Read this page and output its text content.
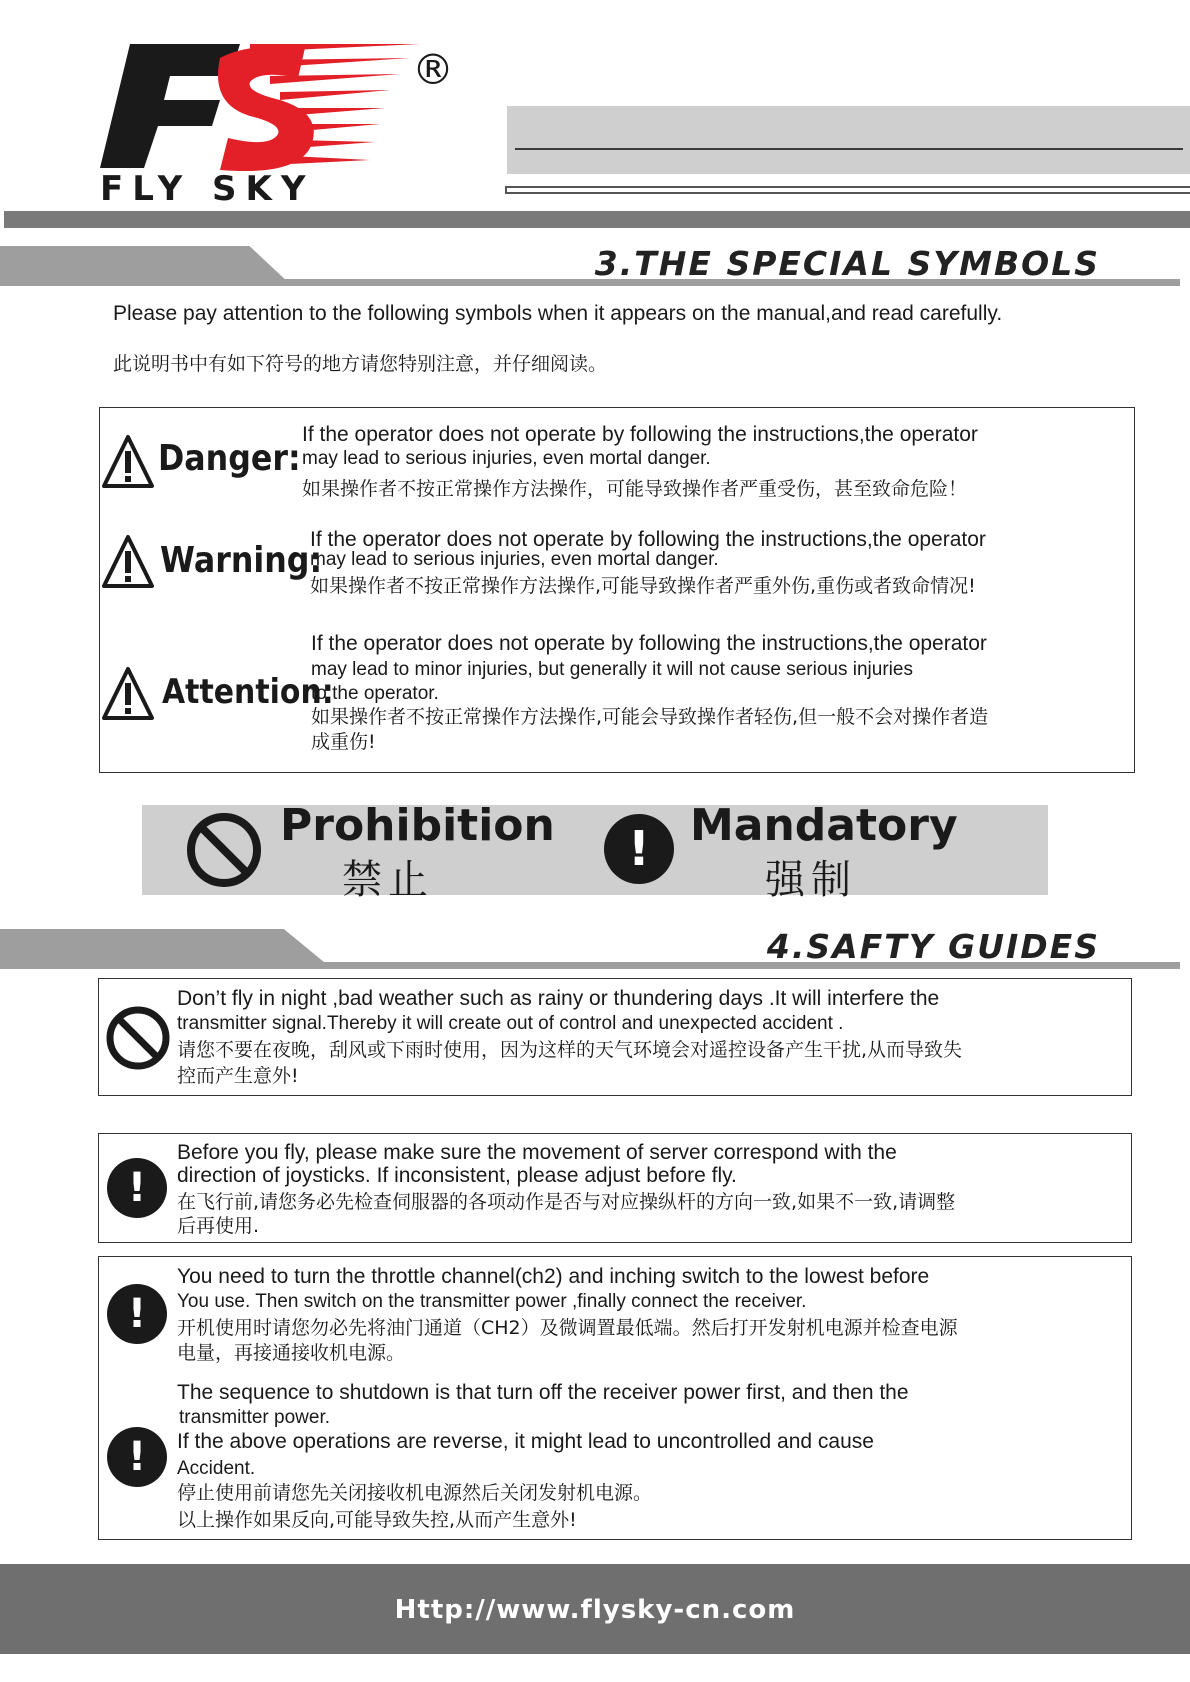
FLY SKY
®
3.THE SPECIAL SYMBOLS
Please pay attention to the following symbols when it appears on the manual,and read carefully.
此说明书中有如下符号的地方请您特别注意，并仔细阅读。
Danger:
If the operator does not operate by following the instructions,the operator
may lead to serious injuries, even mortal danger.
如果操作者不按正常操作方法操作，可能导致操作者严重受伤，甚至致命危险！
Warning:
If the operator does not operate by following the instructions,the operator
may lead to serious injuries, even mortal danger.
如果操作者不按正常操作方法操作,可能导致操作者严重外伤,重伤或者致命情况!
Attention:
If the operator does not operate by following the instructions,the operator
may lead to minor injuries, but generally it will not cause serious injuries
to the operator.
如果操作者不按正常操作方法操作,可能会导致操作者轻伤,但一般不会对操作者造
成重伤!
Prohibition
禁止
! Mandatory
强制
4.SAFTY GUIDES
Don’t fly in night ,bad weather such as rainy or thundering days .It will interfere the
transmitter signal.Thereby it will create out of control and unexpected accident .
请您不要在夜晚，刮风或下雨时使用，因为这样的天气环境会对遥控设备产生干扰,从而导致失
控而产生意外!
!
Before you fly, please make sure the movement of server correspond with the
direction of joysticks. If inconsistent, please adjust before fly.
在飞行前,请您务必先检查伺服器的各项动作是否与对应操纵杆的方向一致,如果不一致,请调整
后再使用.
!
You need to turn the throttle channel(ch2) and inching switch to the lowest before
You use. Then switch on the transmitter power ,finally connect the receiver.
开机使用时请您勿必先将油门通道（CH2）及微调置最低端。然后打开发射机电源并检查电源
电量，再接通接收机电源。
!
The sequence to shutdown is that turn off the receiver power first, and then the
transmitter power.
If the above operations are reverse, it might lead to uncontrolled and cause
Accident.
停止使用前请您先关闭接收机电源然后关闭发射机电源。
以上操作如果反向,可能导致失控,从而产生意外!
Http://www.flysky-cn.com
